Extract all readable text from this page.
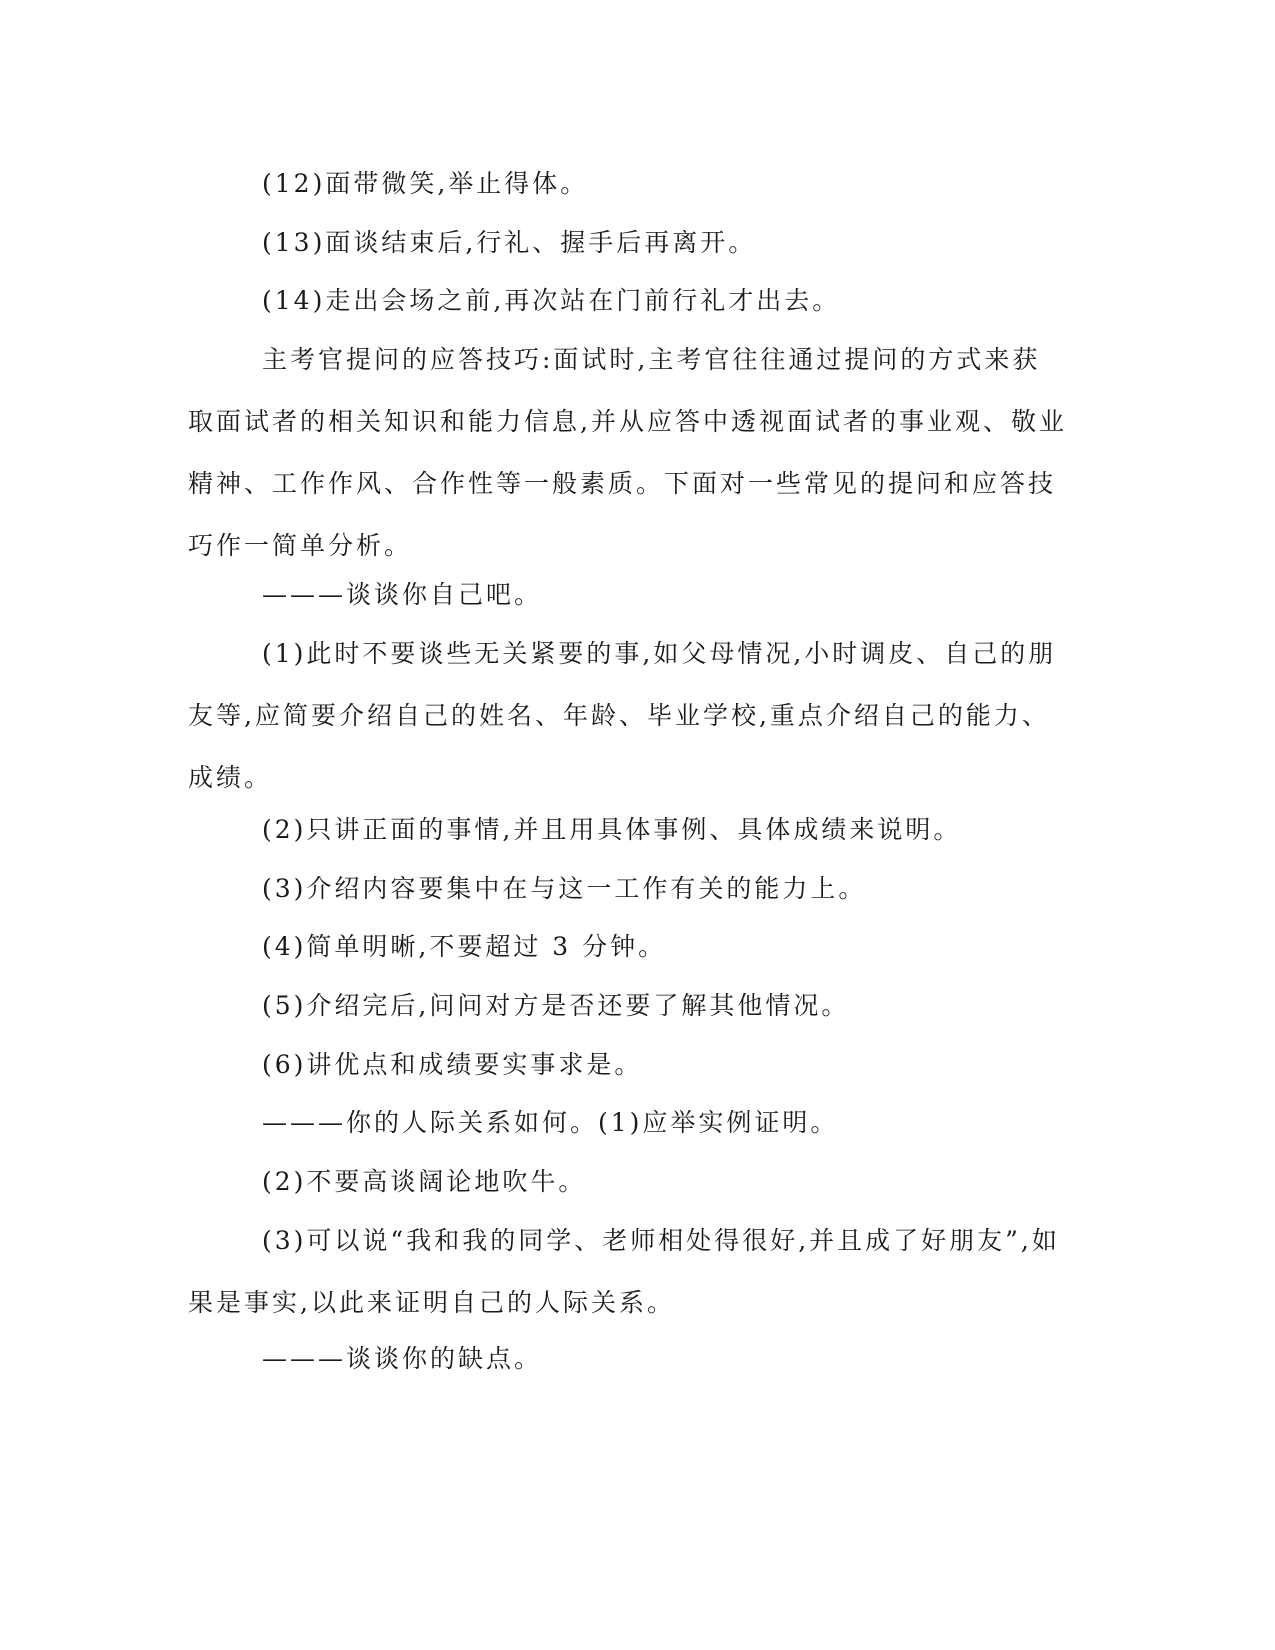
(12)面带微笑,举止得体。

(13)面谈结束后,行礼、握手后再离开。

(14)走出会场之前,再次站在门前行礼才出去。

主考官提问的应答技巧:面试时,主考官往往通过提问的方式来获取面试者的相关知识和能力信息,并从应答中透视面试者的事业观、敬业精神、工作作风、合作性等一般素质。下面对一些常见的提问和应答技巧作一简单分析。

———谈谈你自己吧。

(1)此时不要谈些无关紧要的事,如父母情况,小时调皮、自己的朋友等,应简要介绍自己的姓名、年龄、毕业学校,重点介绍自己的能力、成绩。

(2)只讲正面的事情,并且用具体事例、具体成绩来说明。

(3)介绍内容要集中在与这一工作有关的能力上。

(4)简单明晰,不要超过 3 分钟。

(5)介绍完后,问问对方是否还要了解其他情况。

(6)讲优点和成绩要实事求是。

———你的人际关系如何。(1)应举实例证明。

(2)不要高谈阔论地吹牛。

(3)可以说“我和我的同学、老师相处得很好,并且成了好朋友”,如果是事实,以此来证明自己的人际关系。

———谈谈你的缺点。
